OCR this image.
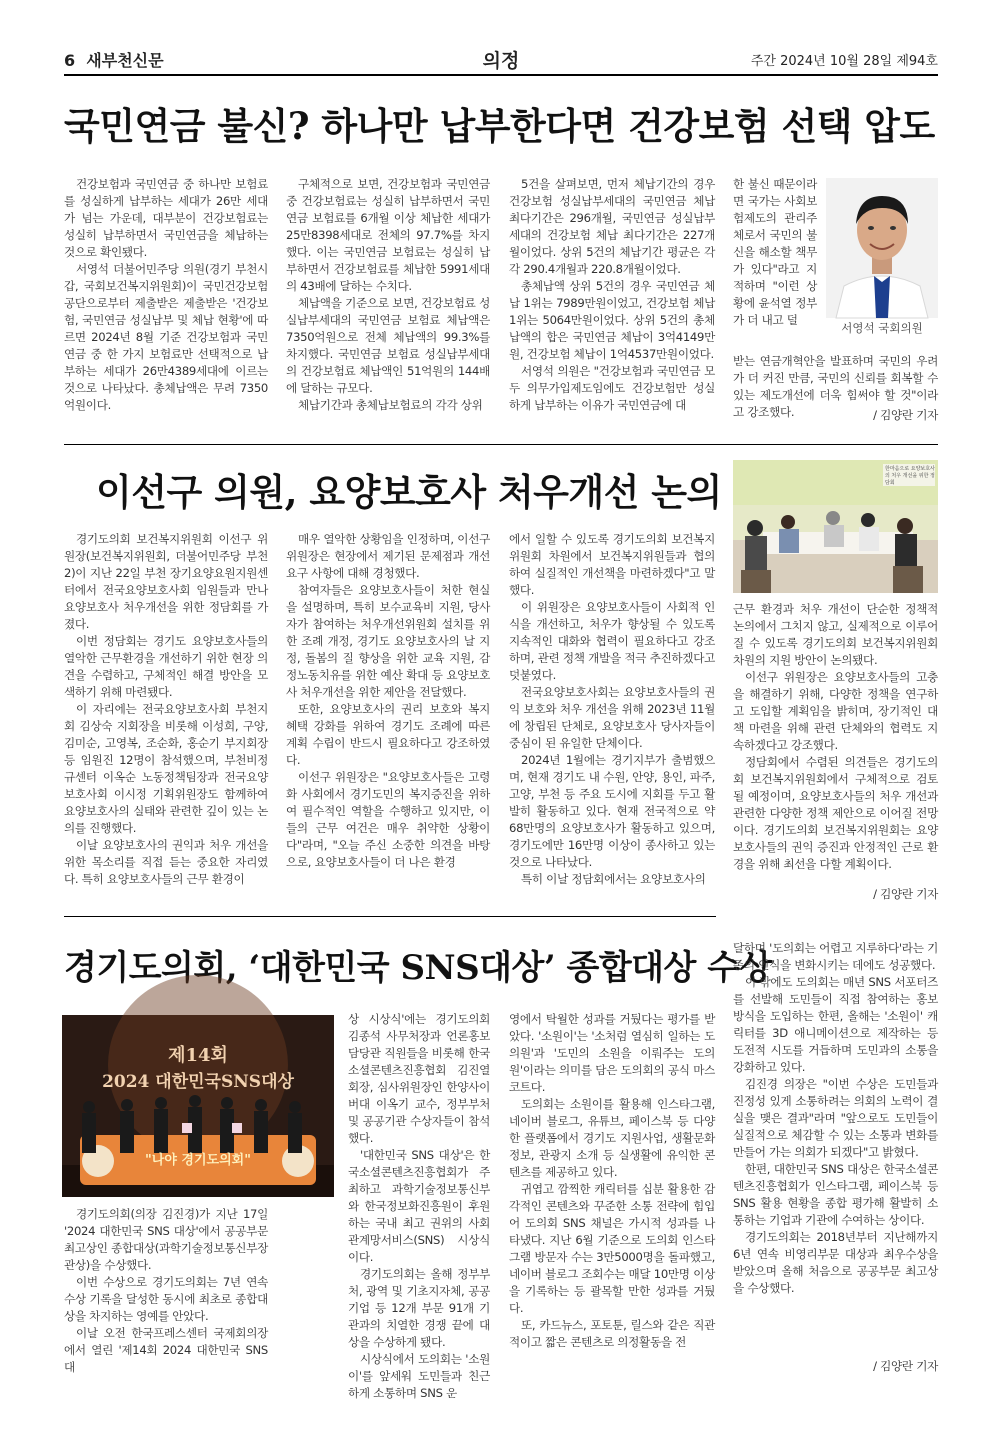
6 새부천신문	의정	주간 2024년 10월 28일 제94호
국민연금 불신? 하나만 납부한다면 건강보험 선택 압도

건강보험과 국민연금 중 하나만 보험료를 성실하게 납부하는 세대가 26만 세대가 넘는 가운데, 대부분이 건강보험료는 성실히 납부하면서 국민연금을 체납하는 것으로 확인됐다.

서영석 더불어민주당 의원(경기 부천시갑, 국회보건복지위원회)이 국민건강보험공단으로부터 제출받은 제출받은 '건강보험, 국민연금 성실납부 및 체납 현황'에 따르면 2024년 8월 기준 건강보험과 국민연금 중 한 가지 보험료만 선택적으로 납부하는 세대가 26만4389세대에 이르는 것으로 나타났다. 총체납액은 무려 7350억원이다.

구체적으로 보면, 건강보험과 국민연금 중 건강보험료는 성실히 납부하면서 국민연금 보험료를 6개월 이상 체납한 세대가 25만8398세대로 전체의 97.7%를 차지했다. 이는 국민연금 보험료는 성실히 납부하면서 건강보험료를 체납한 5991세대의 43배에 달하는 수치다.

체납액을 기준으로 보면, 건강보험료 성실납부세대의 국민연금 보험료 체납액은 7350억원으로 전체 체납액의 99.3%를 차지했다. 국민연금 보험료 성실납부세대의 건강보험료 체납액인 51억원의 144배에 달하는 규모다.

체납기간과 총체납보험료의 각각 상위

5건을 살펴보면, 먼저 체납기간의 경우 건강보험 성실납부세대의 국민연금 체납 최다기간은 296개월, 국민연금 성실납부세대의 건강보험 체납 최다기간은 227개월이었다. 상위 5건의 체납기간 평균은 각각 290.4개월과 220.8개월이었다.

총체납액 상위 5건의 경우 국민연금 체납 1위는 7989만원이었고, 건강보험 체납 1위는 5064만원이었다. 상위 5건의 총체납액의 합은 국민연금 체납이 3억4149만원, 건강보험 체납이 1억4537만원이었다.

서영석 의원은 "건강보험과 국민연금 모두 의무가입제도임에도 건강보험만 성실하게 납부하는 이유가 국민연금에 대

한 불신 때문이라면 국가는 사회보험제도의 관리주체로서 국민의 불신을 해소할 책무가 있다"라고 지적하며 "이런 상황에 윤석열 정부가 더 내고 덜

서영석 국회의원

받는 연금개혁안을 발표하며 국민의 우려가 더 커진 만큼, 국민의 신뢰를 회복할 수 있는 제도개선에 더욱 힘써야 할 것"이라고 강조했다.	/ 김양란 기자

이선구 의원, 요양보호사 처우개선 논의
한마음으로 요양보호사의 처우 개선을 위한 정담회

경기도의회 보건복지위원회 이선구 위원장(보건복지위원회, 더불어민주당 부천2)이 지난 22일 부천 장기요양요원지원센터에서 전국요양보호사회 임원들과 만나 요양보호사 처우개선을 위한 정담회를 가졌다.

이번 정담회는 경기도 요양보호사들의 열악한 근무환경을 개선하기 위한 현장 의견을 수렴하고, 구체적인 해결 방안을 모색하기 위해 마련됐다.

이 자리에는 전국요양보호사회 부천지회 김상숙 지회장을 비롯해 이성희, 구양, 김미순, 고영복, 조순화, 홍순기 부지회장 등 임원진 12명이 참석했으며, 부천비정규센터 이옥순 노동정책팀장과 전국요양보호사회 이시정 기획위원장도 함께하여 요양보호사의 실태와 관련한 깊이 있는 논의를 진행했다.

이날 요양보호사의 권익과 처우 개선을 위한 목소리를 직접 듣는 중요한 자리였다. 특히 요양보호사들의 근무 환경이

매우 열악한 상황임을 인정하며, 이선구 위원장은 현장에서 제기된 문제점과 개선 요구 사항에 대해 경청했다.

참여자들은 요양보호사들이 처한 현실을 설명하며, 특히 보수교육비 지원, 당사자가 참여하는 처우개선위원회 설치를 위한 조례 개정, 경기도 요양보호사의 날 지정, 돌봄의 질 향상을 위한 교육 지원, 감정노동치유를 위한 예산 확대 등 요양보호사 처우개선을 위한 제안을 전달했다.

또한, 요양보호사의 권리 보호와 복지 혜택 강화를 위하여 경기도 조례에 따른 계획 수립이 반드시 필요하다고 강조하였다.

이선구 위원장은 "요양보호사들은 고령화 사회에서 경기도민의 복지증진을 위하여 필수적인 역할을 수행하고 있지만, 이들의 근무 여건은 매우 취약한 상황이다"라며, "오늘 주신 소중한 의견을 바탕으로, 요양보호사들이 더 나은 환경

에서 일할 수 있도록 경기도의회 보건복지위원회 차원에서 보건복지위원들과 협의하여 실질적인 개선책을 마련하겠다"고 말했다.

이 위원장은 요양보호사들이 사회적 인식을 개선하고, 처우가 향상될 수 있도록 지속적인 대화와 협력이 필요하다고 강조하며, 관련 정책 개발을 적극 추진하겠다고 덧붙였다.

전국요양보호사회는 요양보호사들의 권익 보호와 처우 개선을 위해 2023년 11월에 창립된 단체로, 요양보호사 당사자들이 중심이 된 유일한 단체이다.

2024년 1월에는 경기지부가 출범했으며, 현재 경기도 내 수원, 안양, 용인, 파주, 고양, 부천 등 주요 도시에 지회를 두고 활발히 활동하고 있다. 현재 전국적으로 약 68만명의 요양보호사가 활동하고 있으며, 경기도에만 16만명 이상이 종사하고 있는 것으로 나타났다.

특히 이날 정담회에서는 요양보호사의

근무 환경과 처우 개선이 단순한 정책적 논의에서 그치지 않고, 실제적으로 이루어질 수 있도록 경기도의회 보건복지위원회 차원의 지원 방안이 논의됐다.

이선구 위원장은 요양보호사들의 고충을 해결하기 위해, 다양한 정책을 연구하고 도입할 계획임을 밝히며, 장기적인 대책 마련을 위해 관련 단체와의 협력도 지속하겠다고 강조했다.

정담회에서 수렴된 의견들은 경기도의회 보건복지위원회에서 구체적으로 검토될 예정이며, 요양보호사들의 처우 개선과 관련한 다양한 정책 제안으로 이어질 전망이다. 경기도의회 보건복지위원회는 요양보호사들의 권익 증진과 안정적인 근로 환경을 위해 최선을 다할 계획이다.

/ 김양란 기자

경기도의회, ‘대한민국 SNS대상’ 종합대상 수상
제14회
2024 대한민국SNS대상
"나야 경기도의회"

경기도의회(의장 김진경)가 지난 17일 '2024 대한민국 SNS 대상'에서 공공부문 최고상인 종합대상(과학기술정보통신부장관상)을 수상했다.

이번 수상으로 경기도의회는 7년 연속 수상 기록을 달성한 동시에 최초로 종합대상을 차지하는 영예를 안았다.

이날 오전 한국프레스센터 국제회의장에서 열린 '제14회 2024 대한민국 SNS 대

상 시상식'에는 경기도의회 김종석 사무처장과 언론홍보담당관 직원들을 비롯해 한국소셜콘텐츠진흥협회 김진열 회장, 심사위원장인 한양사이버대 이옥기 교수, 정부부처 및 공공기관 수상자들이 참석했다.

'대한민국 SNS 대상'은 한국소셜콘텐츠진흥협회가 주최하고 과학기술정보통신부와 한국정보화진흥원이 후원하는 국내 최고 권위의 사회관계망서비스(SNS) 시상식이다.

경기도의회는 올해 정부부처, 광역 및 기초지자체, 공공기업 등 12개 부문 91개 기관과의 치열한 경쟁 끝에 대상을 수상하게 됐다.

시상식에서 도의회는 '소원이'를 앞세워 도민들과 친근하게 소통하며 SNS 운

영에서 탁월한 성과를 거뒀다는 평가를 받았다. '소원이'는 '소처럼 열심히 일하는 도의원'과 '도민의 소원을 이뤄주는 도의원'이라는 의미를 담은 도의회의 공식 마스코트다.

도의회는 소원이를 활용해 인스타그램, 네이버 블로그, 유튜브, 페이스북 등 다양한 플랫폼에서 경기도 지원사업, 생활문화 정보, 관광지 소개 등 실생활에 유익한 콘텐츠를 제공하고 있다.

귀엽고 깜찍한 캐릭터를 십분 활용한 감각적인 콘텐츠와 꾸준한 소통 전략에 힘입어 도의회 SNS 채널은 가시적 성과를 나타냈다. 지난 6월 기준으로 도의회 인스타그램 방문자 수는 3만5000명을 돌파했고, 네이버 블로그 조회수는 매달 10만명 이상을 기록하는 등 괄목할 만한 성과를 거뒀다.

또, 카드뉴스, 포토툰, 릴스와 같은 직관적이고 짧은 콘텐츠로 의정활동을 전

달하며 '도의회는 어렵고 지루하다'라는 기존의 인식을 변화시키는 데에도 성공했다.

이 밖에도 도의회는 매년 SNS 서포터즈를 선발해 도민들이 직접 참여하는 홍보 방식을 도입하는 한편, 올해는 '소원이' 캐릭터를 3D 애니메이션으로 제작하는 등 도전적 시도를 거듭하며 도민과의 소통을 강화하고 있다.

김진경 의장은 "이번 수상은 도민들과 진정성 있게 소통하려는 의회의 노력이 결실을 맺은 결과"라며 "앞으로도 도민들이 실질적으로 체감할 수 있는 소통과 변화를 만들어 가는 의회가 되겠다"고 밝혔다.

한편, 대한민국 SNS 대상은 한국소셜콘텐츠진흥협회가 인스타그램, 페이스북 등 SNS 활용 현황을 종합 평가해 활발히 소통하는 기업과 기관에 수여하는 상이다.

경기도의회는 2018년부터 지난해까지 6년 연속 비영리부문 대상과 최우수상을 받았으며 올해 처음으로 공공부문 최고상을 수상했다.

/ 김양란 기자
